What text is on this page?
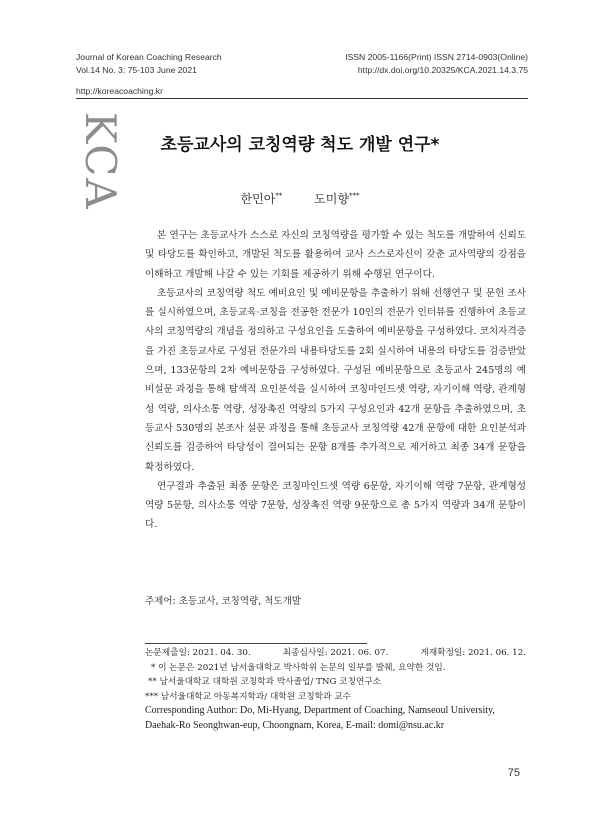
Journal of Korean Coaching Research
Vol.14 No. 3: 75-103 June 2021
ISSN 2005-1166(Print) ISSN 2714-0903(Online)
http://dx.doi.org/10.20325/KCA.2021.14.3.75
http://koreacoaching.kr
KCA	초등교사의 코칭역량 척도 개발 연구*
한민아**	도미향***

본 연구는 초등교사가 스스로 자신의 코칭역량을 평가할 수 있는 척도를 개발하여 신뢰도 및 타당도를 확인하고, 개발된 척도를 활용하여 교사 스스로자신이 갖춘 교사역량의 강점을 이해하고 개발해 나갈 수 있는 기회를 제공하기 위해 수행된 연구이다.

초등교사의 코칭역량 척도 예비요인 및 예비문항을 추출하기 위해 선행연구 및 문헌 조사를 실시하였으며, 초등교육·코칭을 전공한 전문가 10인의 전문가 인터뷰를 진행하여 초등교사의 코칭역량의 개념을 정의하고 구성요인을 도출하여 예비문항을 구성하였다. 코치자격증을 가진 초등교사로 구성된 전문가의 내용타당도를 2회 실시하여 내용의 타당도를 검증받았으며, 133문항의 2차 예비문항을 구성하였다. 구성된 예비문항으로 초등교사 245명의 예비설문 과정을 통해 탐색적 요인분석을 실시하여 코칭마인드셋 역량, 자기이해 역량, 관계형성 역량, 의사소통 역량, 성장촉진 역량의 5가지 구성요인과 42개 문항을 추출하였으며, 초등교사 530명의 본조사 설문 과정을 통해 초등교사 코칭역량 42개 문항에 대한 요인분석과 신뢰도를 검증하여 타당성이 결여되는 문항 8개를 추가적으로 제거하고 최종 34개 문항을 확정하였다.

연구결과 추출된 최종 문항은 코칭마인드셋 역량 6문항, 자기이해 역량 7문항, 관계형성 역량 5문항, 의사소통 역량 7문항, 성장촉진 역량 9문항으로 총 5가지 역량과 34개 문항이다.

주제어: 초등교사, 코칭역량, 척도개발
논문제출일: 2021. 04. 30.	최종심사일: 2021. 06. 07.	게재확정일: 2021. 06. 12.
* 이 논문은 2021년 남서울대학교 박사학위 논문의 일부를 발췌, 요약한 것임.
** 남서울대학교 대학원 코칭학과 박사졸업/ TNG 코칭연구소
*** 남서울대학교 아동복지학과/ 대학원 코칭학과 교수
Corresponding Author: Do, Mi-Hyang, Department of Coaching, Namseoul University, Daehak-Ro Seonghwan-eup, Choongnam, Korea, E-mail: domi@nsu.ac.kr
75
